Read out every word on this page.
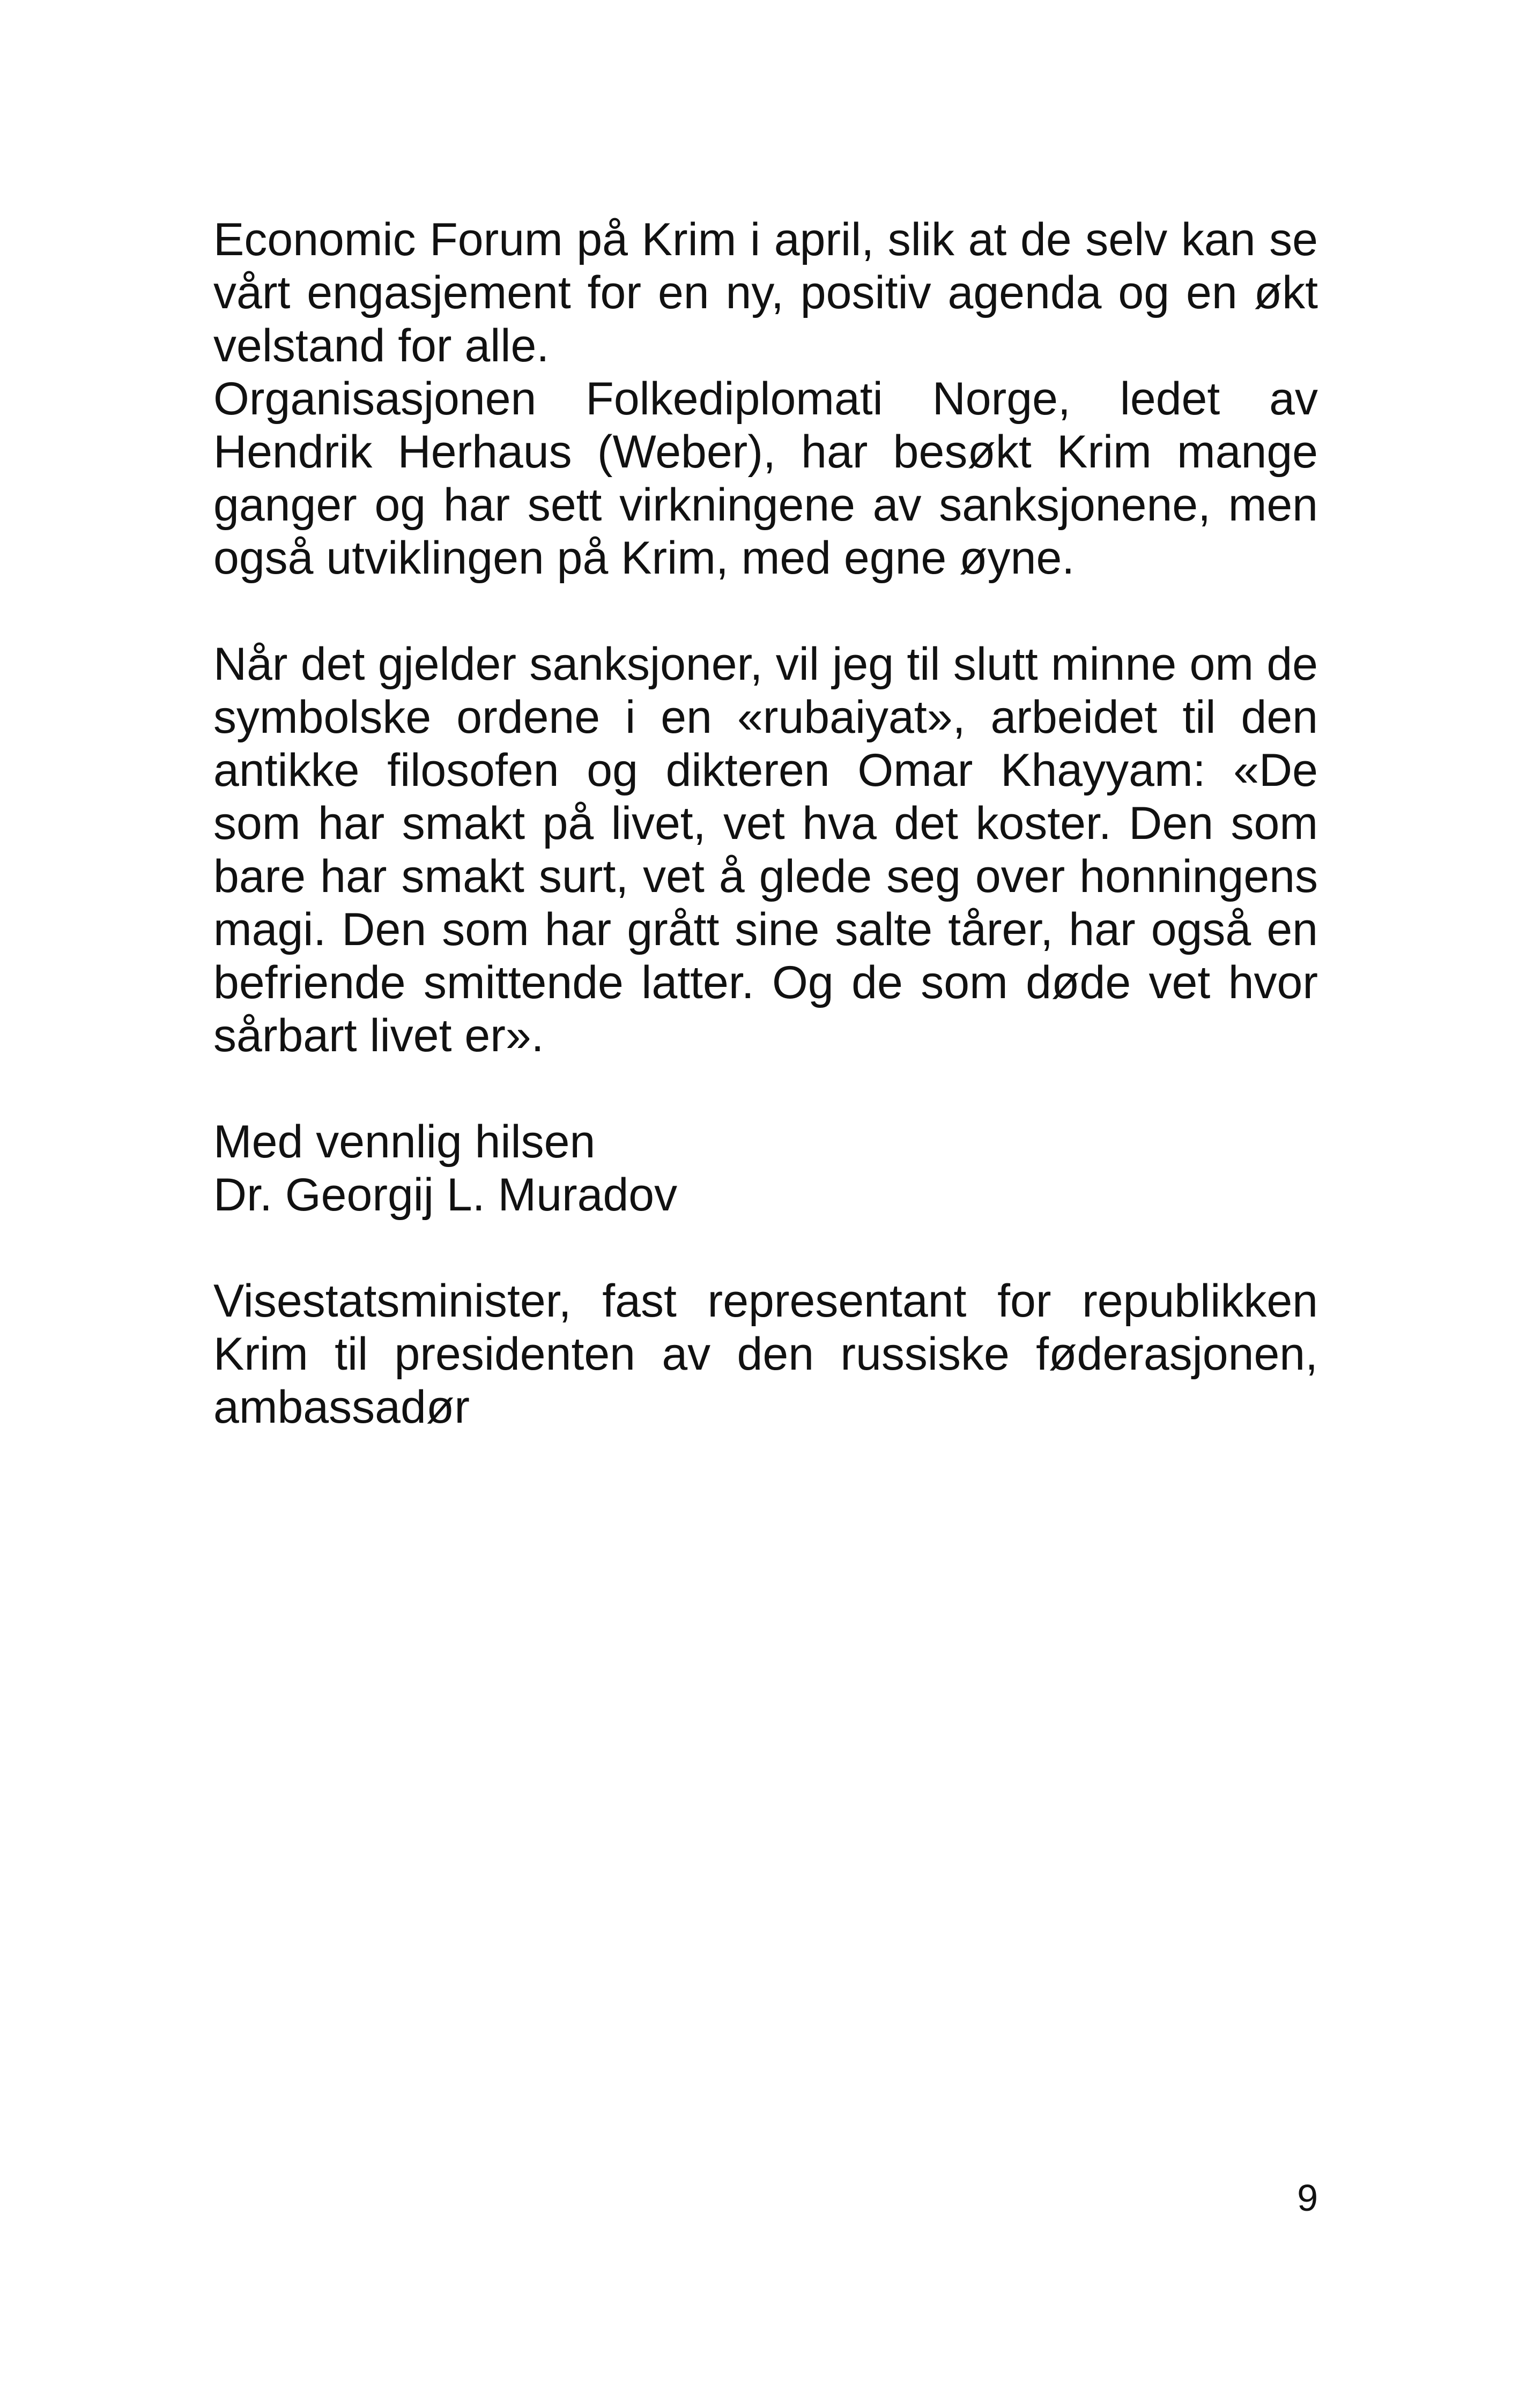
Economic Forum på Krim i april, slik at de selv kan se vårt engasjement for en ny, positiv agenda og en økt velstand for alle.

Organisasjonen Folkediplomati Norge, ledet av Hendrik Herhaus (Weber), har besøkt Krim mange ganger og har sett virkningene av sanksjonene, men også utviklingen på Krim, med egne øyne.

Når det gjelder sanksjoner, vil jeg til slutt minne om de symbolske ordene i en «rubaiyat», arbeidet til den antikke filosofen og dikteren Omar Khayyam: «De som har smakt på livet, vet hva det koster. Den som bare har smakt surt, vet å glede seg over honningens magi. Den som har grått sine salte tårer, har også en befriende smittende latter. Og de som døde vet hvor sårbart livet er».

Med vennlig hilsen
Dr. Georgij L. Muradov

Visestatsminister, fast representant for republikken Krim til presidenten av den russiske føderasjonen, ambassadør

9
